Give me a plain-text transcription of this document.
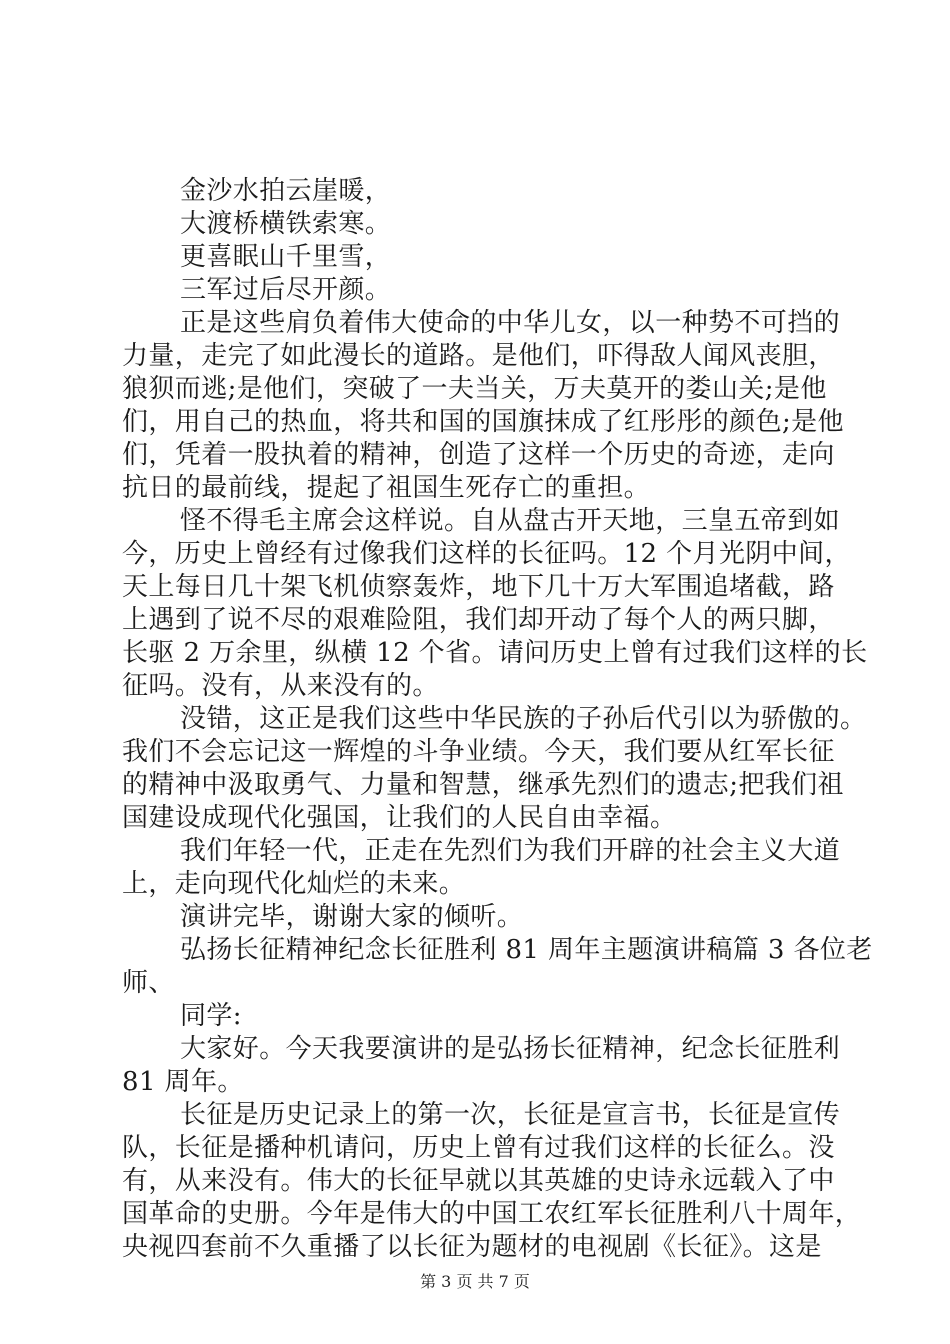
金沙水拍云崖暖，
大渡桥横铁索寒。
更喜眠山千里雪，
三军过后尽开颜。
正是这些肩负着伟大使命的中华儿女，以一种势不可挡的
力量，走完了如此漫长的道路。是他们，吓得敌人闻风丧胆，
狼狈而逃;是他们，突破了一夫当关，万夫莫开的娄山关;是他
们，用自己的热血，将共和国的国旗抹成了红彤彤的颜色;是他
们，凭着一股执着的精神，创造了这样一个历史的奇迹，走向
抗日的最前线，提起了祖国生死存亡的重担。
怪不得毛主席会这样说。自从盘古开天地，三皇五帝到如
今，历史上曾经有过像我们这样的长征吗。12 个月光阴中间，
天上每日几十架飞机侦察轰炸，地下几十万大军围追堵截，路
上遇到了说不尽的艰难险阻，我们却开动了每个人的两只脚，
长驱 2 万余里，纵横 12 个省。请问历史上曾有过我们这样的长
征吗。没有，从来没有的。
没错，这正是我们这些中华民族的子孙后代引以为骄傲的。
我们不会忘记这一辉煌的斗争业绩。今天，我们要从红军长征
的精神中汲取勇气、力量和智慧，继承先烈们的遗志;把我们祖
国建设成现代化强国，让我们的人民自由幸福。
我们年轻一代，正走在先烈们为我们开辟的社会主义大道
上，走向现代化灿烂的未来。
演讲完毕，谢谢大家的倾听。
弘扬长征精神纪念长征胜利 81 周年主题演讲稿篇 3 各位老
师、
同学:
大家好。今天我要演讲的是弘扬长征精神，纪念长征胜利
81 周年。
长征是历史记录上的第一次，长征是宣言书，长征是宣传
队，长征是播种机请问，历史上曾有过我们这样的长征么。没
有，从来没有。伟大的长征早就以其英雄的史诗永远载入了中
国革命的史册。今年是伟大的中国工农红军长征胜利八十周年，
央视四套前不久重播了以长征为题材的电视剧《长征》。这是
第 3 页 共 7 页
